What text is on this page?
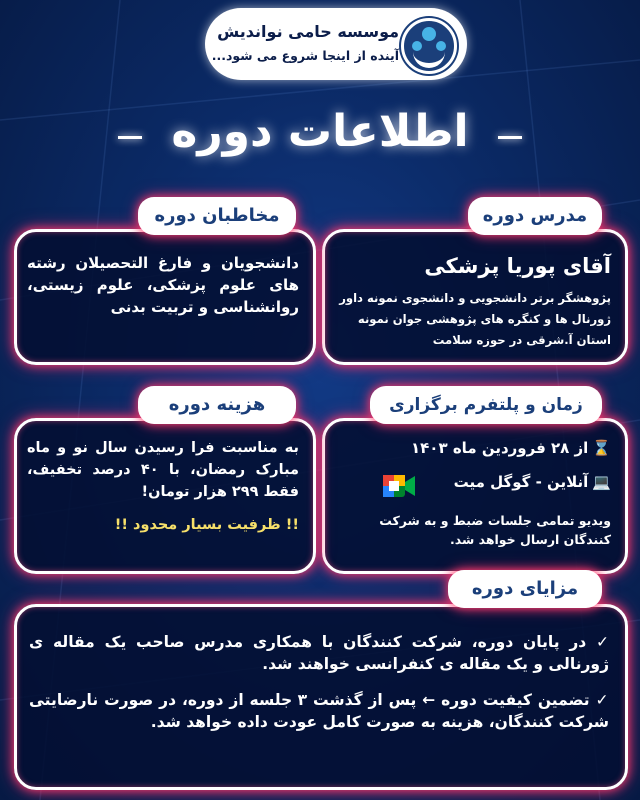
موسسه حامی نواندیش
آینده از اینجا شروع می شود...
اطلاعات دوره
آقای پوریا پزشکی
پژوهشگر برتر دانشجویی و دانشجوی نمونه داور ژورنال ها و کنگره های پژوهشی جوان نمونه استان آ.شرقی در حوزه سلامت
مدرس دوره
دانشجویان و فارغ التحصیلان رشته های علوم پزشکی، علوم زیستی، روانشناسی و تربیت بدنی
مخاطبان دوره
⌛از ۲۸ فروردین ماه ۱۴۰۳
💻آنلاین - گوگل میت
ویدیو تمامی جلسات ضبط و به شرکت کنندگان ارسال خواهد شد.
زمان و پلتفرم برگزاری
به مناسبت فرا رسیدن سال نو و ماه مبارک رمضان، با ۴۰ درصد تخفیف، فقط ۲۹۹ هزار تومان!
!! ظرفیت بسیار محدود !!
هزینه دوره
✓ در پایان دوره، شرکت کنندگان با همکاری مدرس صاحب یک مقاله ی ژورنالی و یک مقاله ی کنفرانسی خواهند شد.
✓ تضمین کیفیت دوره ← پس از گذشت ۳ جلسه از دوره، در صورت نارضایتی شرکت کنندگان، هزینه به صورت کامل عودت داده خواهد شد.
مزایای دوره
